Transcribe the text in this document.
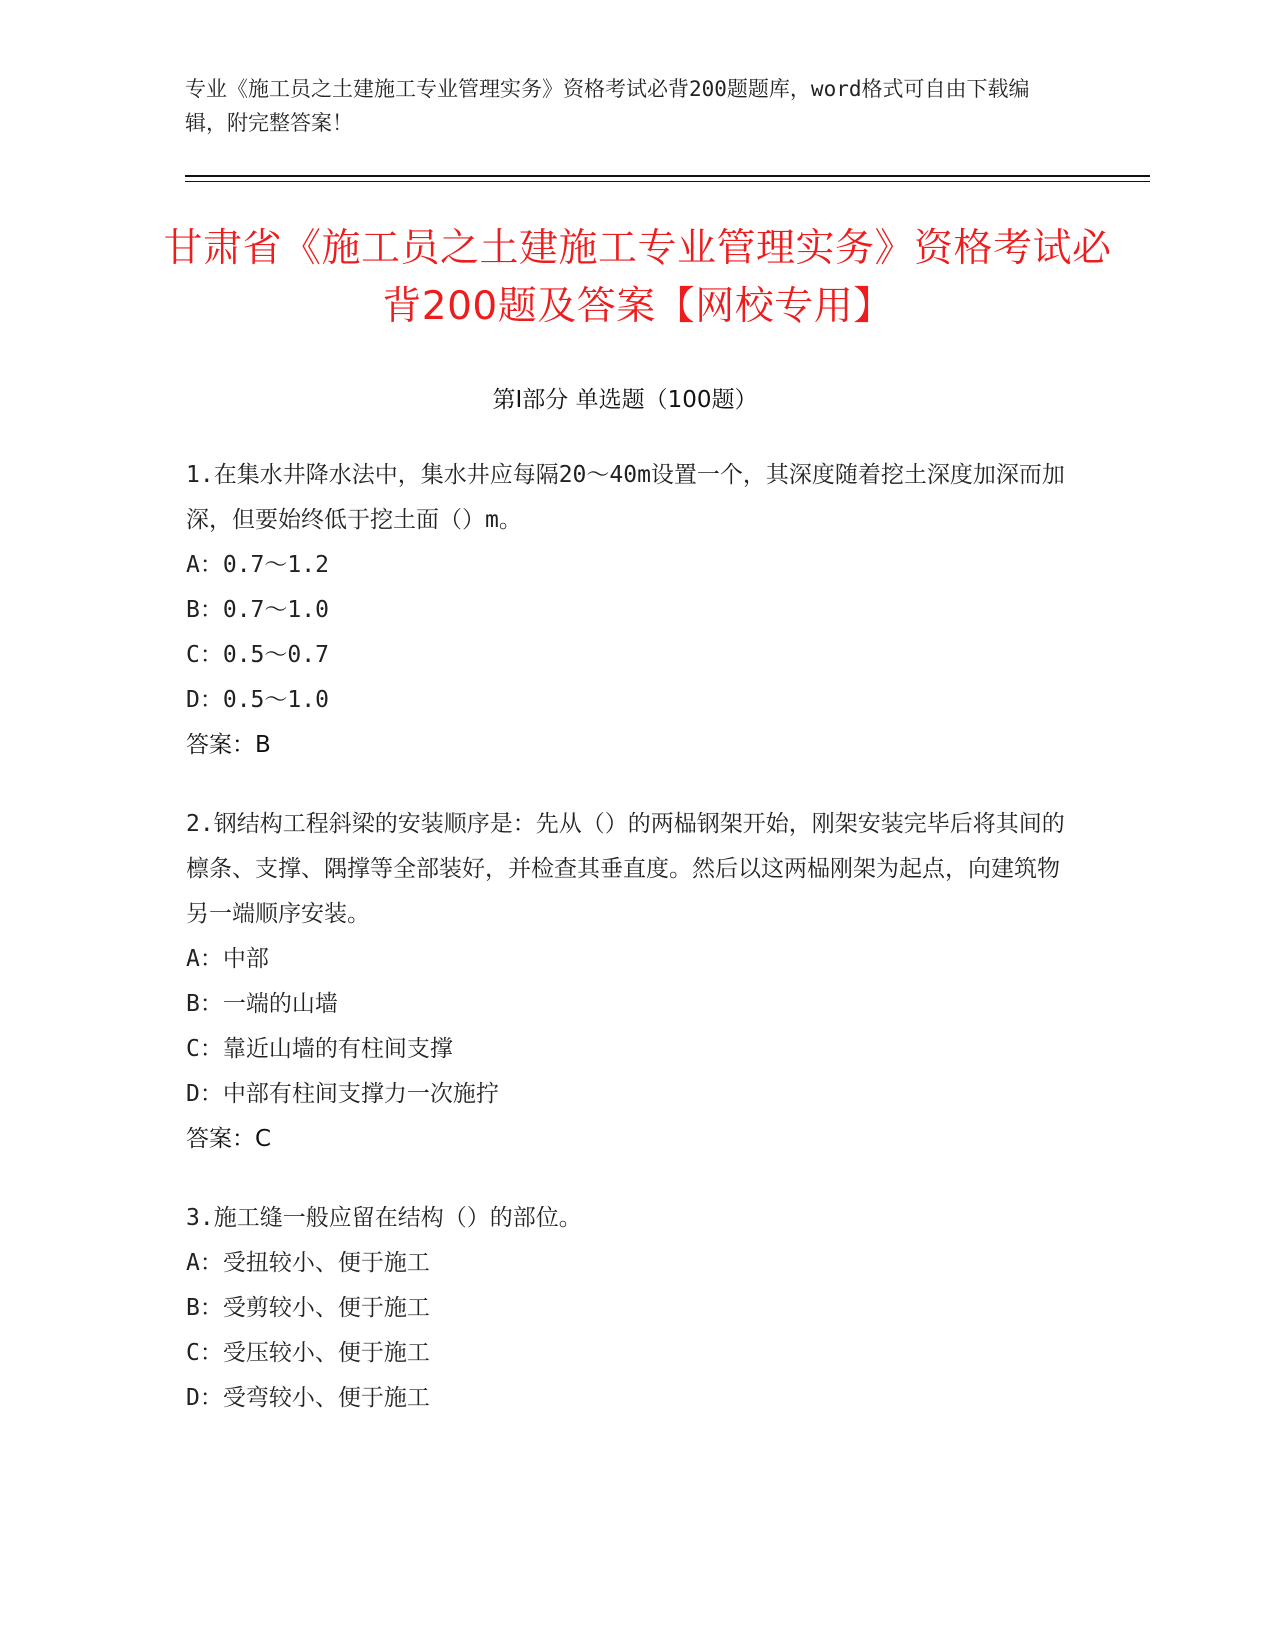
专业《施工员之土建施工专业管理实务》资格考试必背200题题库，word格式可自由下载编辑，附完整答案！
甘肃省《施工员之土建施工专业管理实务》资格考试必背200题及答案【网校专用】
第Ⅰ部分 单选题（100题）
1.在集水井降水法中，集水井应每隔20～40m设置一个，其深度随着挖土深度加深而加深，但要始终低于挖土面（）m。
A：0.7～1.2
B：0.7～1.0
C：0.5～0.7
D：0.5～1.0
答案：B
2.钢结构工程斜梁的安装顺序是：先从（）的两榀钢架开始，刚架安装完毕后将其间的檩条、支撑、隅撑等全部装好，并检查其垂直度。然后以这两榀刚架为起点，向建筑物另一端顺序安装。
A：中部
B：一端的山墙
C：靠近山墙的有柱间支撑
D：中部有柱间支撑力一次施拧
答案：C
3.施工缝一般应留在结构（）的部位。
A：受扭较小、便于施工
B：受剪较小、便于施工
C：受压较小、便于施工
D：受弯较小、便于施工
